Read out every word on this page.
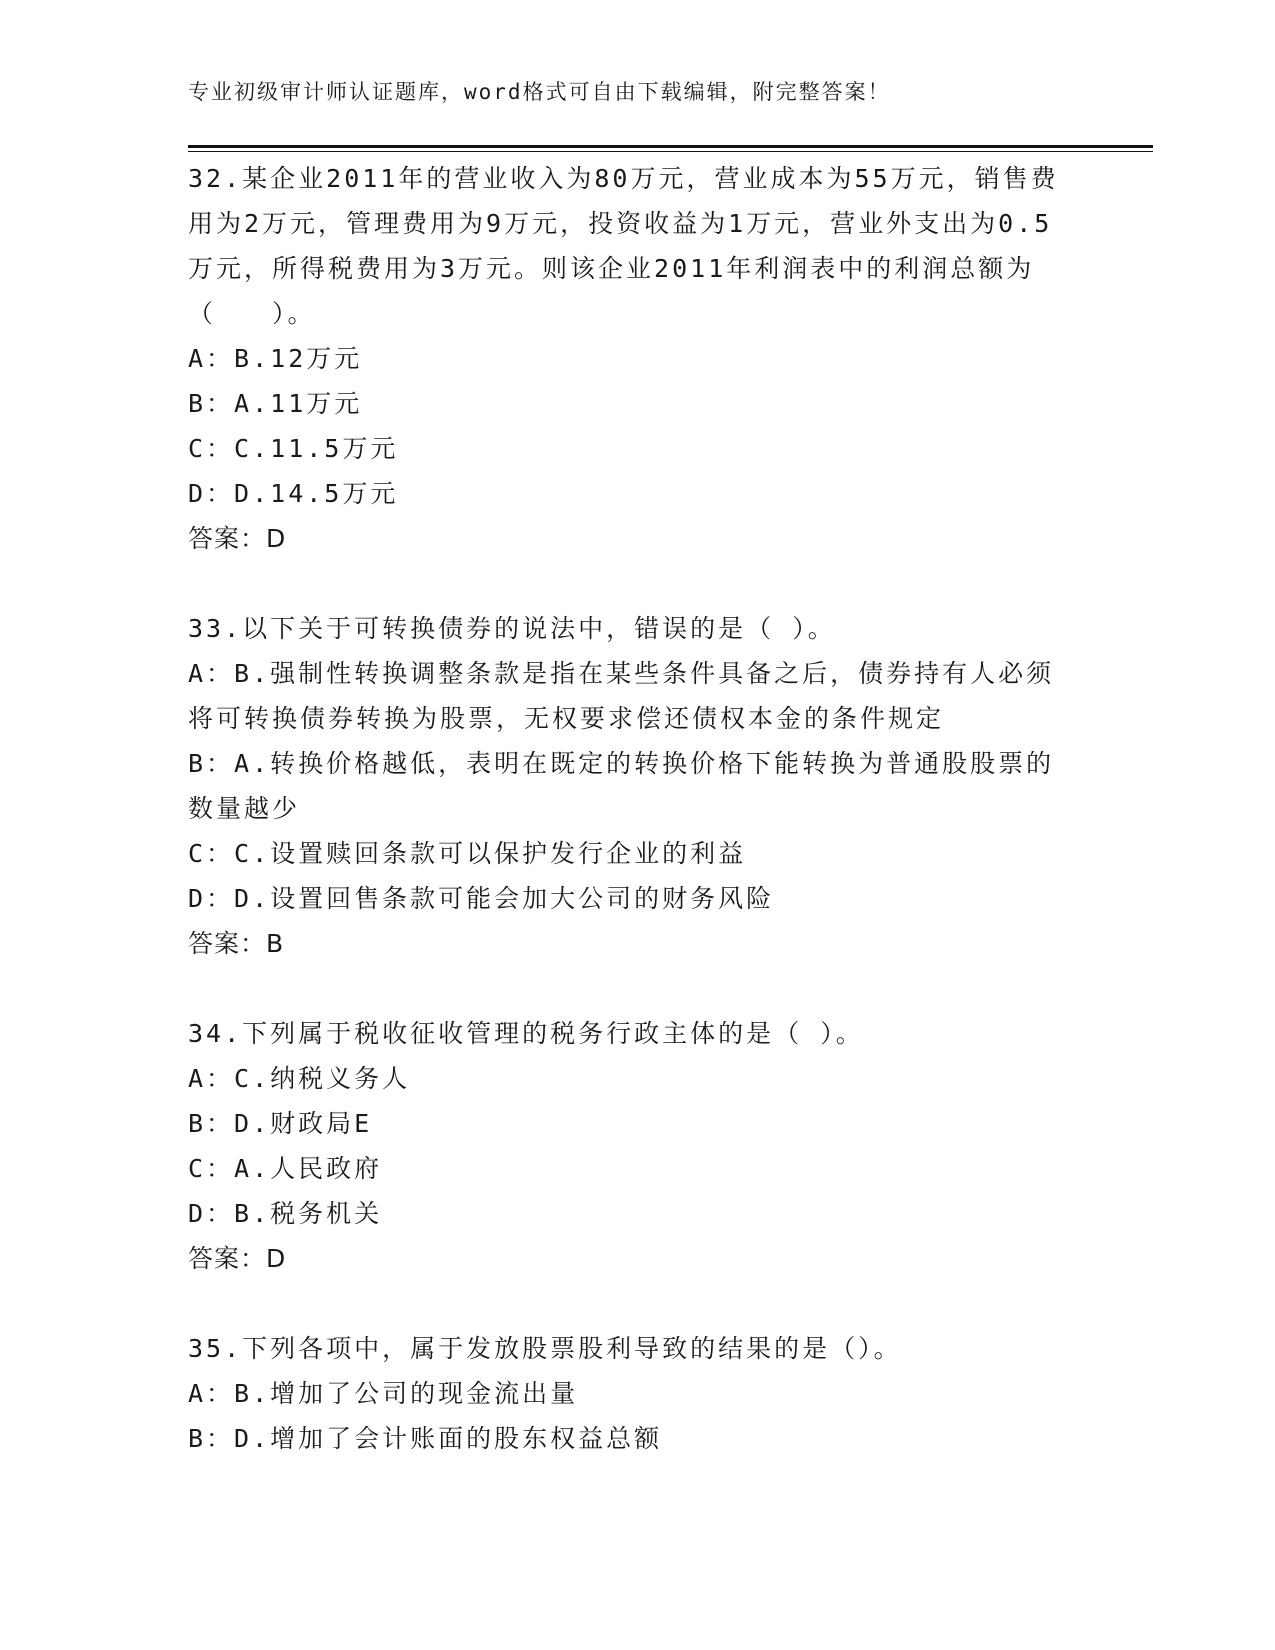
专业初级审计师认证题库，word格式可自由下载编辑，附完整答案！
32.某企业2011年的营业收入为80万元，营业成本为55万元，销售费用为2万元，管理费用为9万元，投资收益为1万元，营业外支出为0.5万元，所得税费用为3万元。则该企业2011年利润表中的利润总额为（　　）。
A：B.12万元
B：A.11万元
C：C.11.5万元
D：D.14.5万元
答案：D
33.以下关于可转换债券的说法中，错误的是（ ）。
A：B.强制性转换调整条款是指在某些条件具备之后，债券持有人必须将可转换债券转换为股票，无权要求偿还债权本金的条件规定
B：A.转换价格越低，表明在既定的转换价格下能转换为普通股股票的数量越少
C：C.设置赎回条款可以保护发行企业的利益
D：D.设置回售条款可能会加大公司的财务风险
答案：B
34.下列属于税收征收管理的税务行政主体的是（ ）。
A：C.纳税义务人
B：D.财政局E
C：A.人民政府
D：B.税务机关
答案：D
35.下列各项中，属于发放股票股利导致的结果的是（）。
A：B.增加了公司的现金流出量
B：D.增加了会计账面的股东权益总额
